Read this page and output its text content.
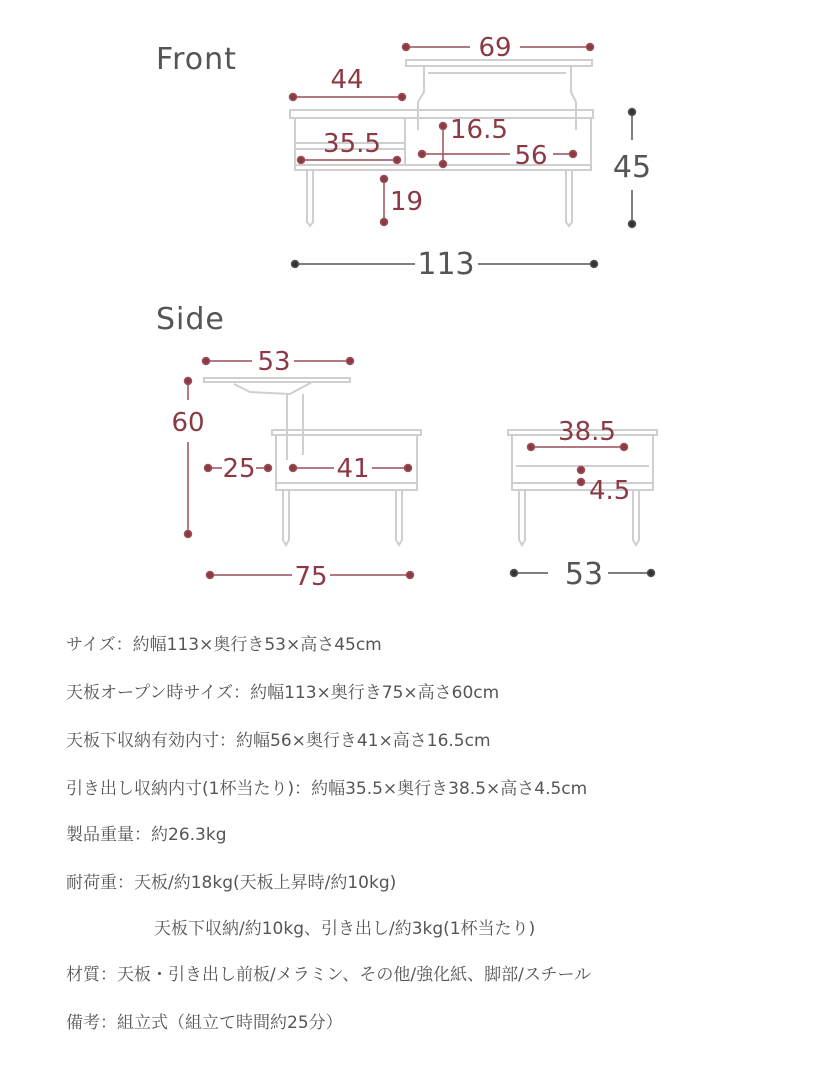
Front
Side
69
44
35.5	16.5
56
19
45
113
53
60
25	41
75
38.5
4.5
53
サイズ：約幅113×奥行き53×高さ45cm
天板オープン時サイズ：約幅113×奥行き75×高さ60cm
天板下収納有効内寸：約幅56×奥行き41×高さ16.5cm
引き出し収納内寸(1杯当たり)：約幅35.5×奥行き38.5×高さ4.5cm
製品重量：約26.3kg
耐荷重：天板/約18kg(天板上昇時/約10kg)
天板下収納/約10kg、引き出し/約3kg(1杯当たり)
材質：天板・引き出し前板/メラミン、その他/強化紙、脚部/スチール
備考：組立式（組立て時間約25分）
